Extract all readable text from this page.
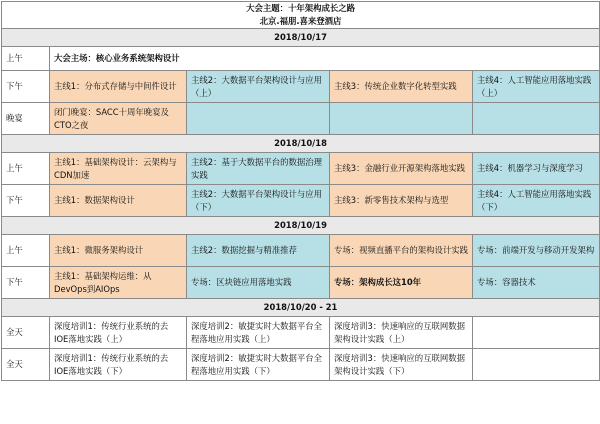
大会主题：十年架构成长之路
北京.福朋.喜来登酒店				
2018/10/17				
上午	大会主场：核心业务系统架构设计			
下午	主线1：分布式存储与中间件设计	主线2：大数据平台架构设计与应用（上）	主线3：传统企业数字化转型实践	主线4：人工智能应用落地实践（上）
晚宴	闭门晚宴：SACC十周年晚宴及CTO之夜			
2018/10/18				
上午	主线1：基础架构设计：云架构与CDN加速	主线2：基于大数据平台的数据治理实践	主线3：金融行业开源架构落地实践	主线4：机器学习与深度学习
下午	主线1：数据架构设计	主线2：大数据平台架构设计与应用（下）	主线3：新零售技术架构与选型	主线4：人工智能应用落地实践（下）
2018/10/19				
上午	主线1：微服务架构设计	主线2：数据挖掘与精准推荐	专场：视频直播平台的架构设计实践	专场：前端开发与移动开发架构
下午	主线1：基础架构运维：从DevOps到AIOps	专场：区块链应用落地实践	专场：架构成长这10年	专场：容器技术
2018/10/20 - 21				
全天	深度培训1：传统行业系统的去IOE落地实践（上）	深度培训2：敏捷实时大数据平台全程落地应用实践（上）	深度培训3：快速响应的互联网数据架构设计实践（上）	
全天	深度培训1：传统行业系统的去IOE落地实践（下）	深度培训2：敏捷实时大数据平台全程落地应用实践（下）	深度培训3：快速响应的互联网数据架构设计实践（下）	
